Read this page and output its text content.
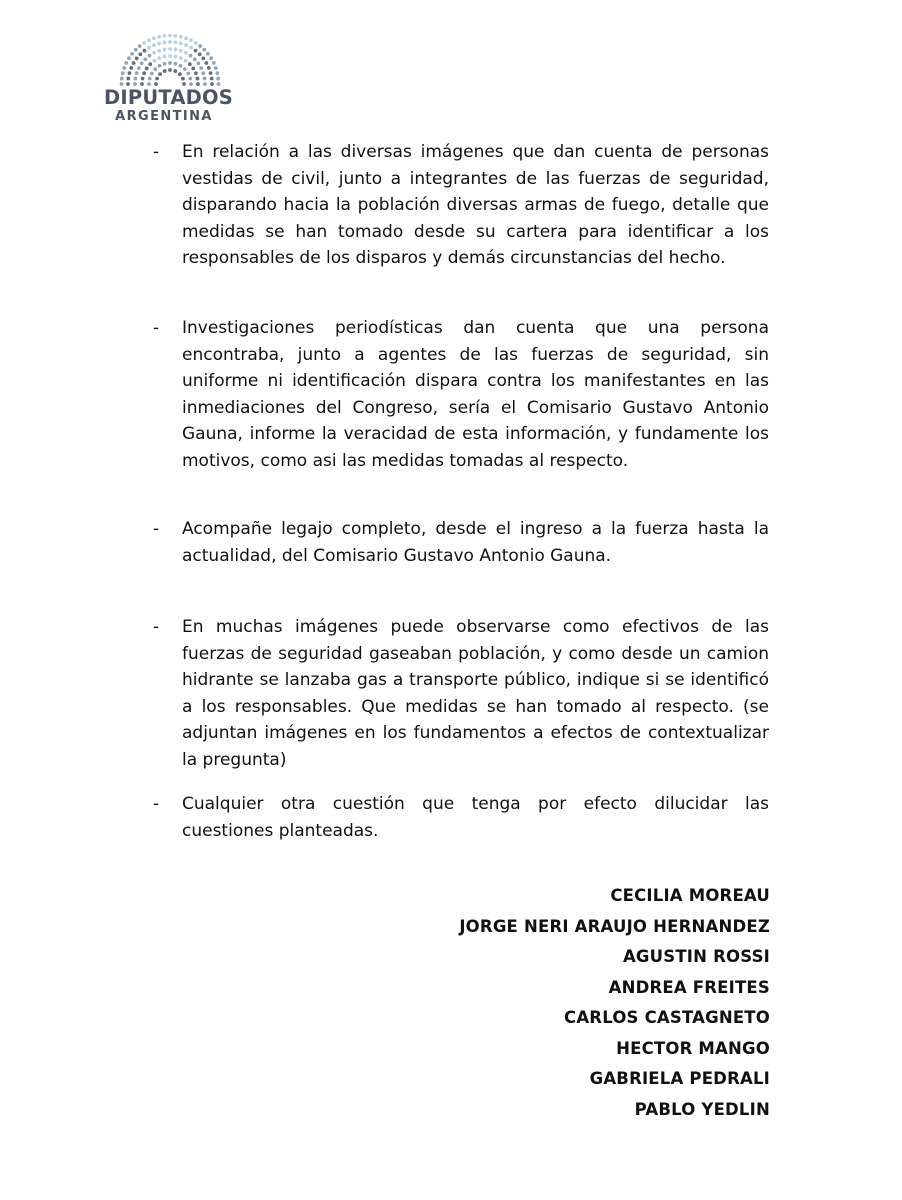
DIPUTADOS
ARGENTINA
- En relación a las diversas imágenes que dan cuenta de personas vestidas de civil, junto a integrantes de las fuerzas de seguridad, disparando hacia la población diversas armas de fuego, detalle que medidas se han tomado desde su cartera para identificar a los responsables de los disparos y demás circunstancias del hecho.

- Investigaciones periodísticas dan cuenta que una persona encontraba, junto a agentes de las fuerzas de seguridad, sin uniforme ni identificación dispara contra los manifestantes en las inmediaciones del Congreso, sería el Comisario Gustavo Antonio Gauna, informe la veracidad de esta información, y fundamente los motivos, como asi las medidas tomadas al respecto.

- Acompañe legajo completo, desde el ingreso a la fuerza hasta la actualidad, del Comisario Gustavo Antonio Gauna.

- En muchas imágenes puede observarse como efectivos de las fuerzas de seguridad gaseaban población, y como desde un camion hidrante se lanzaba gas a transporte público, indique si se identificó a los responsables. Que medidas se han tomado al respecto. (se adjuntan imágenes en los fundamentos a efectos de contextualizar la pregunta)

- Cualquier otra cuestión que tenga por efecto dilucidar las cuestiones planteadas.

CECILIA MOREAU
JORGE NERI ARAUJO HERNANDEZ
AGUSTIN ROSSI
ANDREA FREITES
CARLOS CASTAGNETO
HECTOR MANGO
GABRIELA PEDRALI
PABLO YEDLIN
